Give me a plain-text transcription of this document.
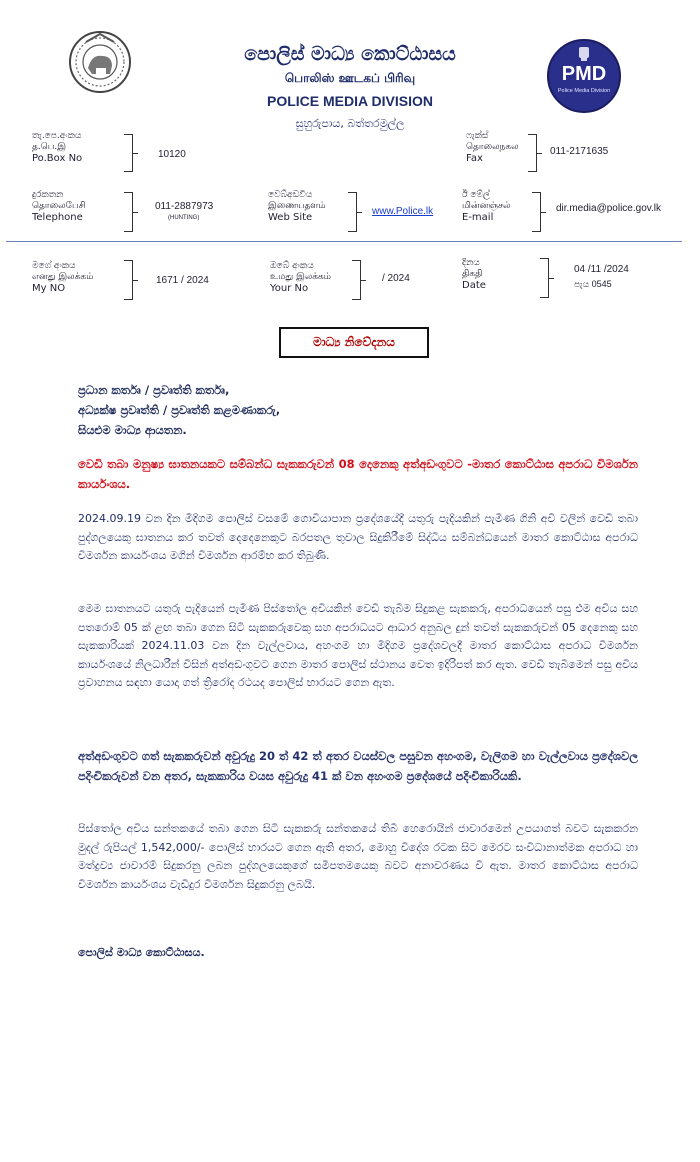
පොලිස් මාධ්‍ය කොට්ඨාසය
பொலிஸ் ஊடகப் பிரிவு
POLICE MEDIA DIVISION
සුහුරුපාය, බත්තරමුල්ල
PMD
Police Media Division
තැ.පෙ.අංකය
த.பெ.இ
Po.Box No	10120
ෆැක්ස්
தொலைநகல
Fax
011-2171635
දුරකතන
தொலைபேசி
Telephone
011-2887973
(HUNTING)
වෙබ්අඩවිය
இணையதளம்
Web Site
www.Police.lk
ඊ මේල්
மின்னஞ்சல்
E-mail
dir.media@police.gov.lk
මගේ අංකය
எனது இலக்கம்
My NO
1671 / 2024
ඔබේ අංකය
உமது இலக்கம்
Your No
/ 2024
දිනය
திகதி
Date
04 /11 /2024
පැය 0545
මාධ්‍ය නිවේදනය
ප්‍රධාන කර්තෘ / ප්‍රවෘත්ති කර්තෘ,
අධ්‍යක්ෂ ප්‍රවෘත්ති / ප්‍රවෘත්ති කළමණාකරු,
සියළුම මාධ්‍ය ආයතන.
වෙඩි තබා මනුෂ්‍ය ඝාතනයකට සම්බන්ධ සැකකරුවන් 08 දෙනෙකු අත්අඩංගුවට -මාතර කොට්ඨාස අපරාධ විමර්ශන කාර්යංශය.
2024.09.19 වන දින මිදිගම පොලිස් වසමේ ගොවියාපාන ප්‍රදේශයේදී යතුරු පැදියකින් පැමිණ ගිනි අවි වලින් වෙඩි තබා පුද්ගලයෙකු ඝාතනය කර තවත් දෙදෙනෙකුට බරපතල තුවාල සිදුකිරීමේ සිද්ධිය සම්බන්ධයෙන් මාතර කොට්ඨාස අපරාධ විමර්ශන කාර්යංශය මගින් විමර්ශන ආරම්භ කර තිබුණි.
මෙම ඝාතනයට යතුරු පැදියෙන් පැමිණ පිස්තෝල අවියකින් වෙඩි තැබීම සිදුකළ සැකකරු, අපරාධයෙන් පසු එම අවිය සහ පතරොම් 05 ක් ළඟ තබා ගෙන සිටි සැකකරුවෙකු සහ අපරාධයට ආධාර අනුබල දුන් තවත් සැකකරුවන් 05 දෙනෙකු සහ සැකකාරියක් 2024.11.03 වන දින වැල්ලවාය, අහංගම හා මිදිගම ප්‍රදේශවලදී මාතර කොට්ඨාස අපරාධ විමර්ශන කාර්යංශයේ නිලධාරීන් විසින් අත්අඩංගුවට ගෙන මාතර පොලිස් ස්ථානය වෙත ඉදිරිපත් කර ඇත. වෙඩි තැබීමෙන් පසු අවිය ප්‍රවාහනය සඳහා යොදා ගත් ත්‍රිරෝද රථයද පොලිස් භාරයට ගෙන ඇත.
අත්අඩංගුවට ගත් සැකකරුවන් අවුරුදු 20 ත් 42 ත් අතර වයස්වල පසුවන අහංගම, වැලිගම හා වැල්ලවාය ප්‍රදේශවල පදිංචිකරුවන් වන අතර, සැකකාරිය වයස අවුරුදු 41 ක් වන අහංගම ප්‍රදේශයේ පදිංචිකාරියකි.
පිස්තෝල අවිය සන්තකයේ තබා ගෙන සිටි සැකකරු සන්තකයේ තිබී හෙරොයින් ජාවාරමෙන් උපයාගත් බවට සැකකරන මුදල් රුපියල් 1,542,000/- පොලිස් භාරයට ගෙන ඇති අතර, මොහු විදේශ රටක සිට මෙරට සංවිධානාත්මක අපරාධ හා මත්ද්‍රව්‍ය ජාවාරම් සිදුකරනු ලබන පුද්ගලයෙකුගේ සමීපතමයෙකු බවට අනාවරණය වී ඇත. මාතර කොට්ඨාස අපරාධ විමර්ශන කාර්යංශය වැඩිදුර විමර්ශන සිදුකරනු ලබයි.
පොලිස් මාධ්‍ය කොට්ඨාසය.
